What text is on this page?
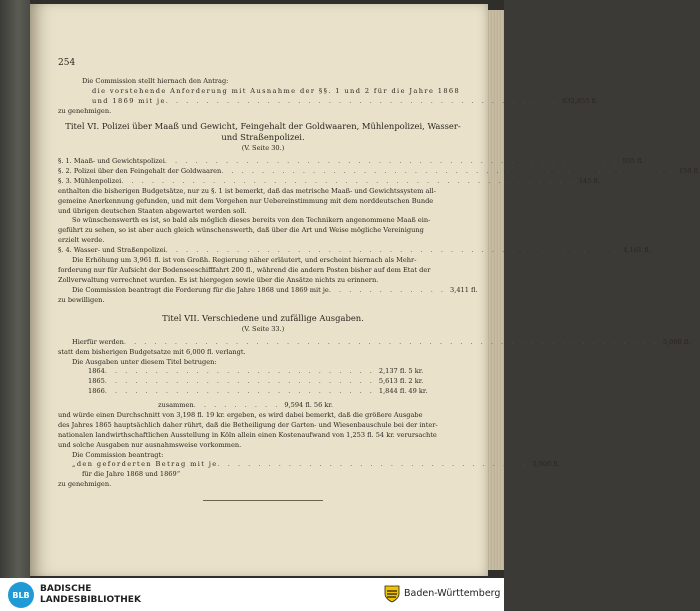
254
Die Commission stellt hiernach den Antrag:
die vorstehende Anforderung mit Ausnahme der §§. 1 und 2 für die Jahre 1868
und 1869 mit je . . . . . . . . . . . . . . . . . . . . . . . . . . . . . . . . . . . . . . . 832,855 fl.
zu genehmigen.
Titel VI. Polizei über Maaß und Gewicht, Feingehalt der Goldwaaren, Mühlenpolizei, Wasser- und Straßenpolizei.
(V. Seite 30.)
§. 1. Maaß- und Gewichtspolizei . . . . . . . . . . . . . . . . . . . . . . . . . . . . . . . . . . . . . . . . . . . . . 955 fl.
§. 2. Polizei über den Feingehalt der Goldwaaren . . . . . . . . . . . . . . . . . . . . . . . . . . . . . . . . . . . . . . . . . . . . . 150 fl.
§. 3. Mühlenpolizei . . . . . . . . . . . . . . . . . . . . . . . . . . . . . . . . . . . . . . . . . . . . . 145 fl.
enthalten die bisherigen Budgetsätze, nur zu §. 1 ist bemerkt, daß das metrische Maaß- und Gewichtssystem all-
gemeine Anerkennung gefunden, und mit dem Vorgehen nur Uebereinstimmung mit dem norddeutschen Bunde
und übrigen deutschen Staaten abgewartet werden soll.
So wünschenswerth es ist, so bald als möglich dieses bereits von den Technikern angenommene Maaß ein-
geführt zu sehen, so ist aber auch gleich wünschenswerth, daß über die Art und Weise mögliche Vereinigung
erzielt werde.
§. 4. Wasser- und Straßenpolizei . . . . . . . . . . . . . . . . . . . . . . . . . . . . . . . . . . . . . . . . . . . . . 4,161 fl.
Die Erhöhung um 3,961 fl. ist von Großh. Regierung näher erläutert, und erscheint hiernach als Mehr-
forderung nur für Aufsicht der Bodenseeschifffahrt 200 fl., während die andern Posten bisher auf dem Etat der
Zollverwaltung verrechnet wurden. Es ist hiergegen sowie über die Ansätze nichts zu erinnern.
Die Commission beantragt die Forderung für die Jahre 1868 und 1869 mit je . . . . . . . . . . . . 3,411 fl.
zu bewilligen.
Titel VII. Verschiedene und zufällige Ausgaben.
(V. Seite 33.)
Hierfür werden . . . . . . . . . . . . . . . . . . . . . . . . . . . . . . . . . . . . . . . . . . . . . . . . . . . . . 5,000 fl.
statt dem bisherigen Budgetsatze mit 6,000 fl. verlangt.
Die Ausgaben unter diesem Titel betrugen:
1864 . . . . . . . . . . . . . . . . . . . . . . . . . . . 2,137 fl. 5 kr.
1865 . . . . . . . . . . . . . . . . . . . . . . . . . . . 5,613 fl. 2 kr.
1866 . . . . . . . . . . . . . . . . . . . . . . . . . . . 1,844 fl. 49 kr.
zusammen . . . . . . . . . 9,594 fl. 56 kr.
und würde einen Durchschnitt von 3,198 fl. 19 kr. ergeben, es wird dabei bemerkt, daß die größere Ausgabe
des Jahres 1865 hauptsächlich daher rührt, daß die Betheiligung der Garten- und Wiesenbauschule bei der inter-
nationalen landwirthschaftlichen Ausstellung in Köln allein einen Kostenaufwand von 1,253 fl. 54 kr. verursachte
und solche Ausgaben nur ausnahmsweise vorkommen.
Die Commission beantragt:
„den geforderten Betrag mit je . . . . . . . . . . . . . . . . . . . . . . . . . . . . . . . 5,000 fl.
für die Jahre 1868 und 1869“
zu genehmigen.
BLB
BADISCHE
LANDESBIBLIOTHEK
Baden-Württemberg
